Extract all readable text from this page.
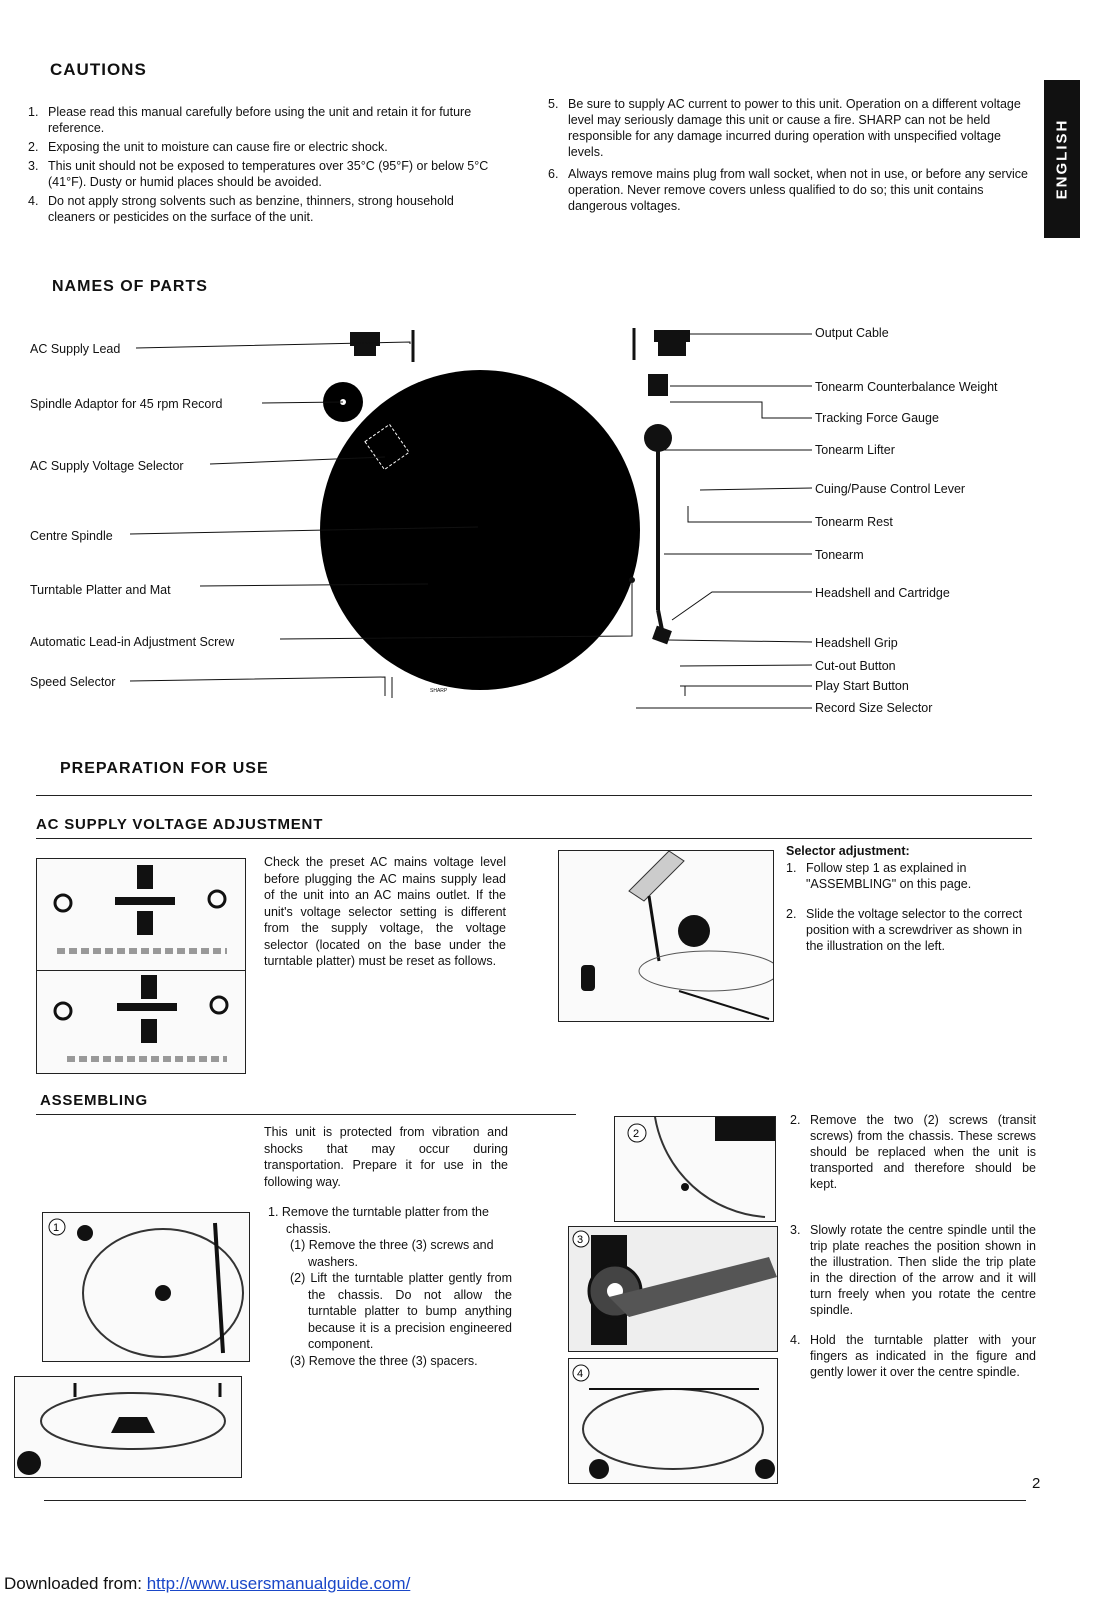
ENGLISH
CAUTIONS
1. Please read this manual carefully before using the unit and retain it for future reference.
2. Exposing the unit to moisture can cause fire or electric shock.
3. This unit should not be exposed to temperatures over 35°C (95°F) or below 5°C (41°F). Dusty or humid places should be avoided.
4. Do not apply strong solvents such as benzine, thinners, strong household cleaners or pesticides on the surface of the unit.
5. Be sure to supply AC current to power to this unit. Operation on a different voltage level may seriously damage this unit or cause a fire. SHARP can not be held responsible for any damage incurred during operation with unspecified voltage levels.
6. Always remove mains plug from wall socket, when not in use, or before any service operation. Never remove covers unless qualified to do so; this unit contains dangerous voltages.
NAMES OF PARTS
SHARP
AC Supply Lead
Spindle Adaptor for 45 rpm Record
AC Supply Voltage Selector
Centre Spindle
Turntable Platter and Mat
Automatic Lead-in Adjustment Screw
Speed Selector
Output Cable
Tonearm Counterbalance Weight
Tracking Force Gauge
Tonearm Lifter
Cuing/Pause Control Lever
Tonearm Rest
Tonearm
Headshell and Cartridge
Headshell Grip
Cut-out Button
Play Start Button
Record Size Selector
PREPARATION FOR USE
AC SUPPLY VOLTAGE ADJUSTMENT
Check the preset AC mains voltage level before plugging the AC mains supply lead of the unit into an AC mains outlet. If the unit's voltage selector setting is different from the supply voltage, the voltage selector (located on the base under the turntable platter) must be reset as follows.
Selector adjustment:
1. Follow step 1 as explained in "ASSEMBLING" on this page.
2. Slide the voltage selector to the correct position with a screwdriver as shown in the illustration on the left.
ASSEMBLING
This unit is protected from vibration and shocks that may occur during transportation. Prepare it for use in the following way.
1. Remove the turntable platter from the chassis.
(1) Remove the three (3) screws and washers.
(2) Lift the turntable platter gently from the chassis. Do not allow the turntable platter to bump anything because it is a precision engineered component.
(3) Remove the three (3) spacers.
1
2
3
4
2. Remove the two (2) screws (transit screws) from the chassis. These screws should be replaced when the unit is transported and therefore should be kept.
3. Slowly rotate the centre spindle until the trip plate reaches the position shown in the illustration. Then slide the trip plate in the direction of the arrow and it will turn freely when you rotate the centre spindle.
4. Hold the turntable platter with your fingers as indicated in the figure and gently lower it over the centre spindle.
2
Downloaded from: http://www.usersmanualguide.com/
